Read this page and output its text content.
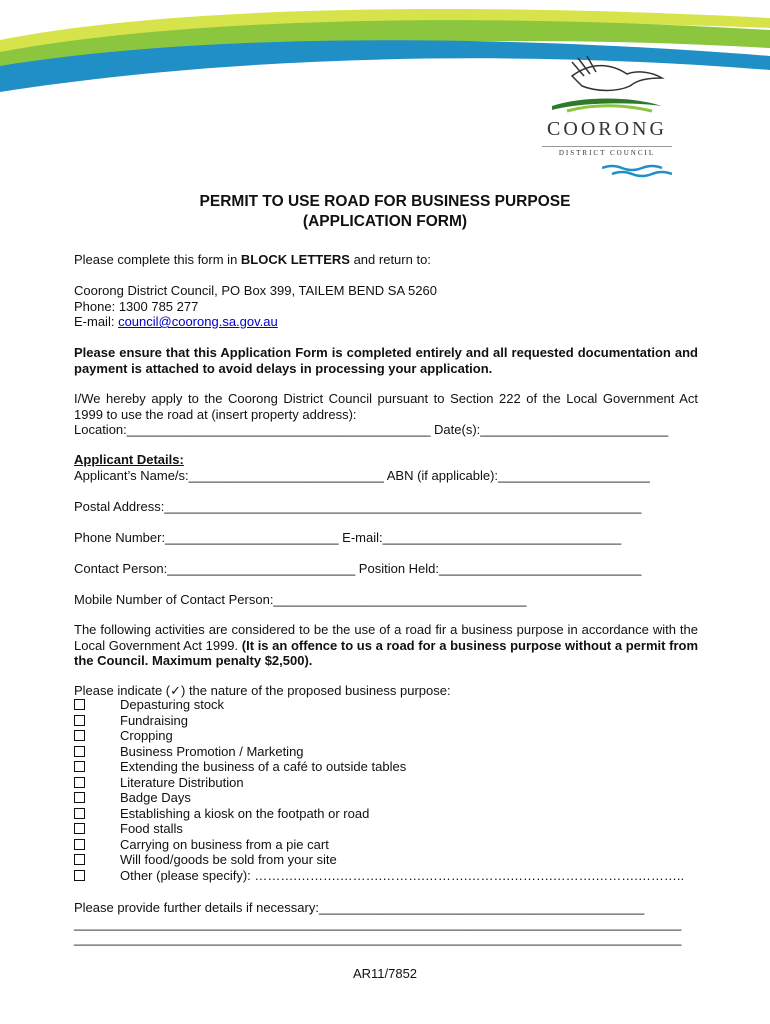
COORONG
DISTRICT COUNCIL
PERMIT TO USE ROAD FOR BUSINESS PURPOSE
(APPLICATION FORM)
Please complete this form in BLOCK LETTERS and return to:
Coorong District Council, PO Box 399, TAILEM BEND SA 5260
Phone: 1300 785 277
E-mail: council@coorong.sa.gov.au
Please ensure that this Application Form is completed entirely and all requested documentation and payment is attached to avoid delays in processing your application.
I/We hereby apply to the Coorong District Council pursuant to Section 222 of the Local Government Act 1999 to use the road at (insert property address):
Location:__________________________________________ Date(s):__________________________
Applicant Details:
Applicant’s Name/s:___________________________ ABN (if applicable):_____________________
Postal Address:__________________________________________________________________
Phone Number:________________________ E-mail:_________________________________
Contact Person:__________________________ Position Held:____________________________
Mobile Number of Contact Person:___________________________________
The following activities are considered to be the use of a road fir a business purpose in accordance with the Local Government Act 1999. (It is an offence to us a road for a business purpose without a permit from the Council. Maximum penalty $2,500).
Please indicate (✓) the nature of the proposed business purpose:
Depasturing stock
Fundraising
Cropping
Business Promotion / Marketing
Extending the business of a café to outside tables
Literature Distribution
Badge Days
Establishing a kiosk on the footpath or road
Food stalls
Carrying on business from a pie cart
Will food/goods be sold from your site
Other (please specify): ……….……….……….……….……….……….……….……….……….………..
Please provide further details if necessary:_____________________________________________
____________________________________________________________________________________
____________________________________________________________________________________
AR11/7852
